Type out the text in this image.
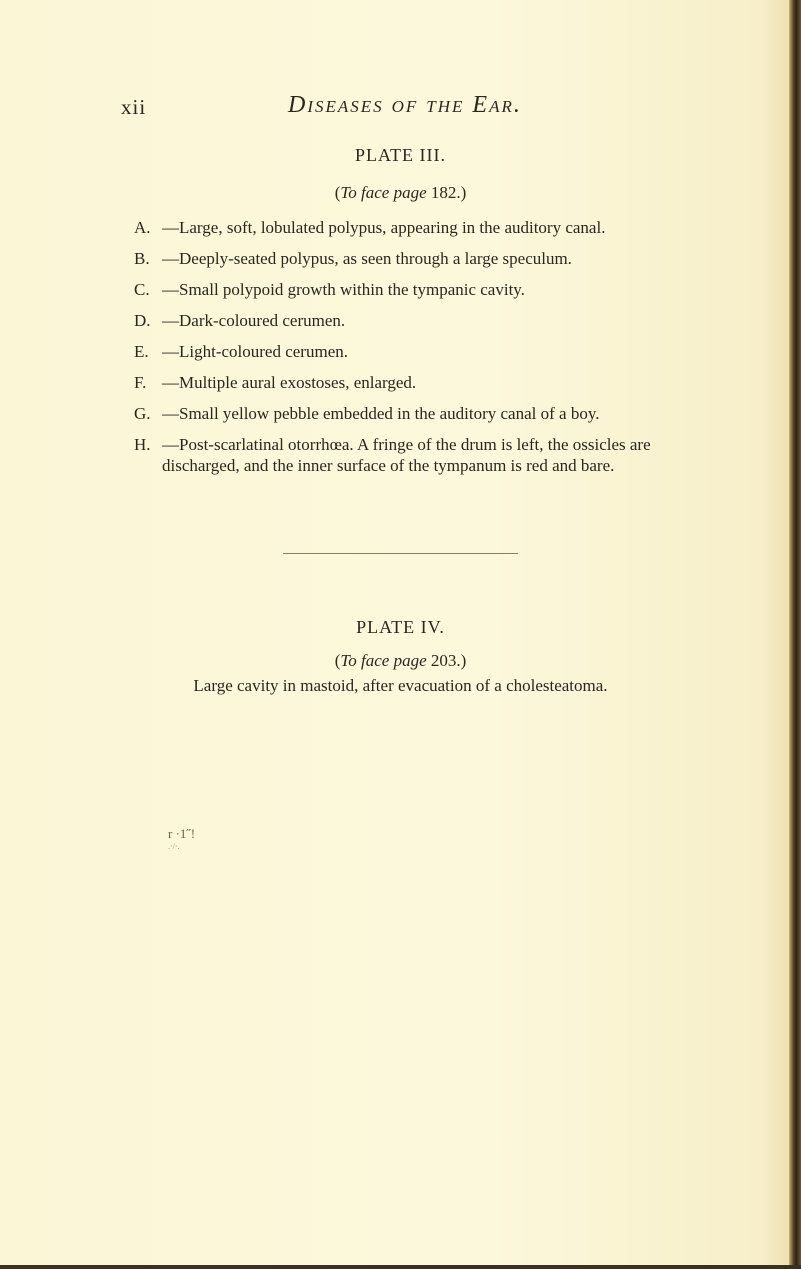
xii	Diseases of the Ear.
PLATE III.
(To face page 182.)
A. —Large, soft, lobulated polypus, appearing in the auditory canal.
B. —Deeply-seated polypus, as seen through a large speculum.
C. —Small polypoid growth within the tympanic cavity.
D. —Dark-coloured cerumen.
E. —Light-coloured cerumen.
F. —Multiple aural exostoses, enlarged.
G. —Small yellow pebble embedded in the auditory canal of a boy.
H. —Post-scarlatinal otorrhœa. A fringe of the drum is left, the ossicles are discharged, and the inner surface of the tympanum is red and bare.
PLATE IV.
(To face page 203.)
Large cavity in mastoid, after evacuation of a cholesteatoma.
r ·1˝!
.·/·.
